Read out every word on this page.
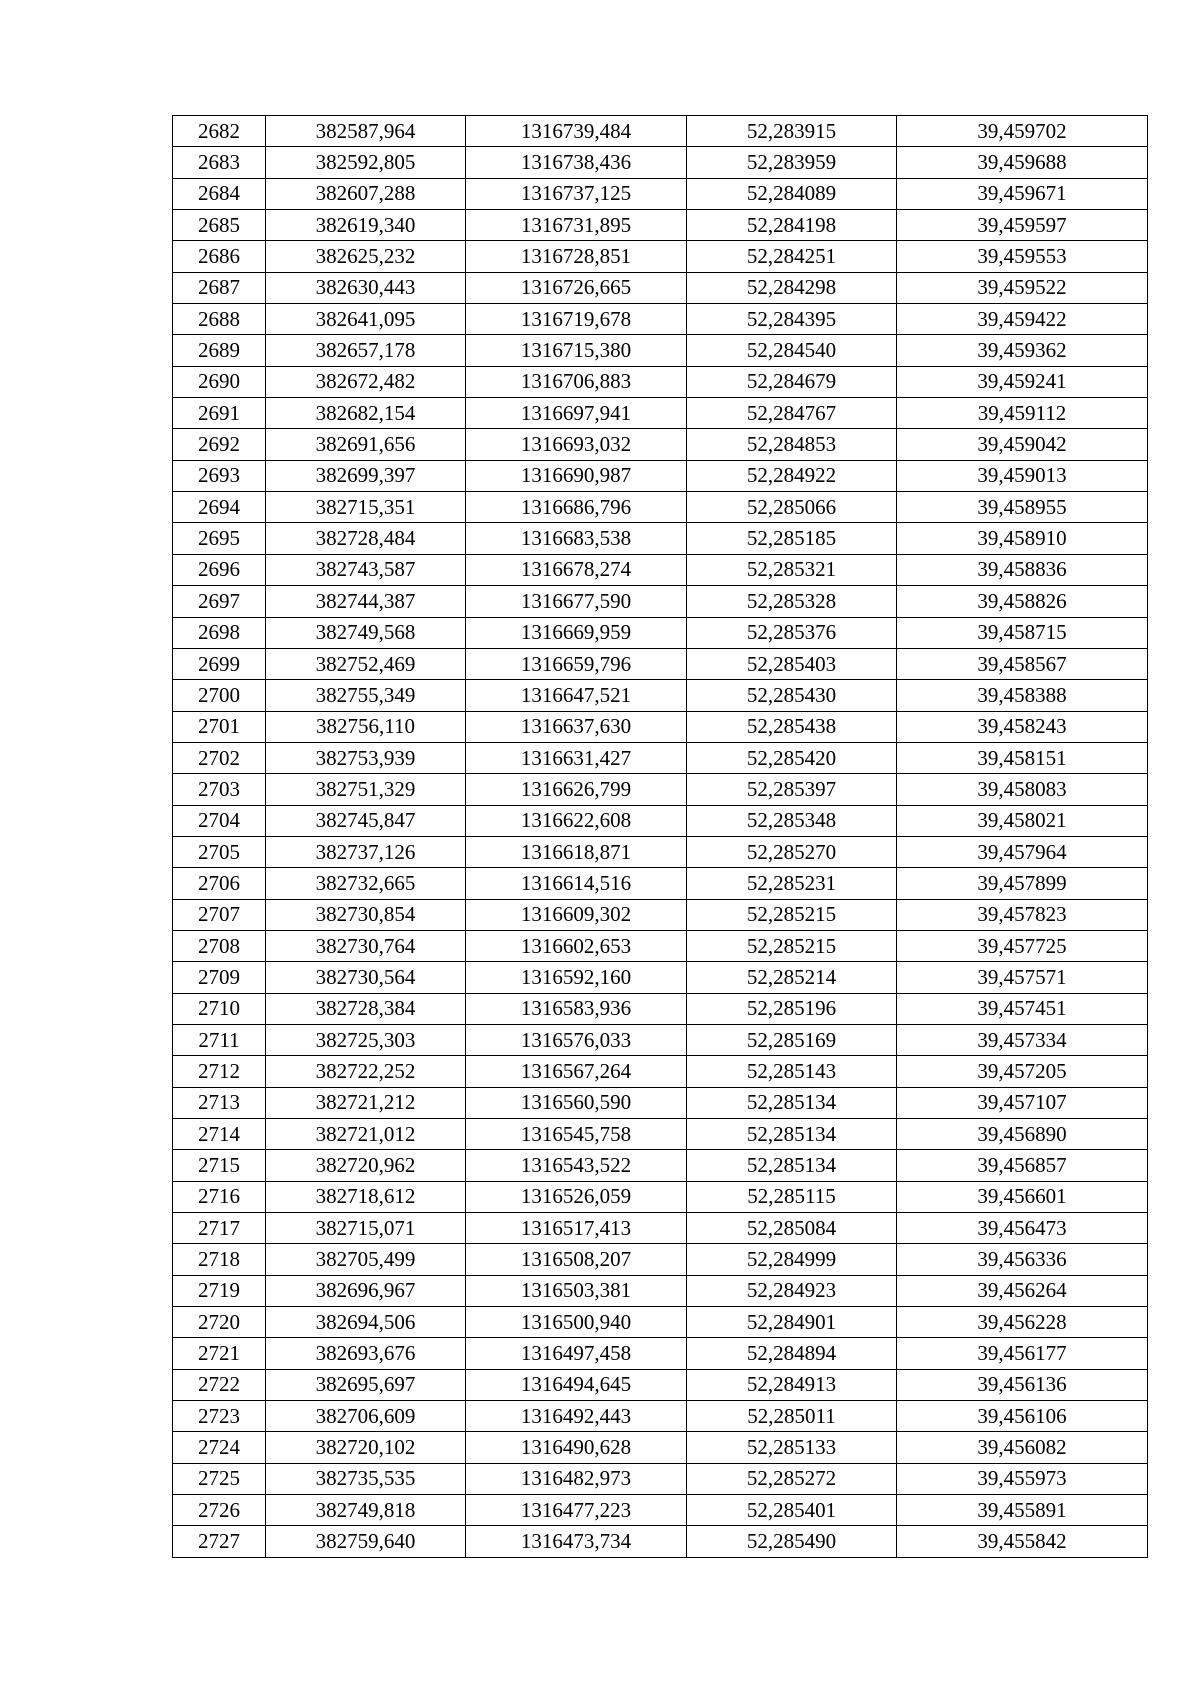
2682	382587,964	1316739,484	52,283915	39,459702
2683	382592,805	1316738,436	52,283959	39,459688
2684	382607,288	1316737,125	52,284089	39,459671
2685	382619,340	1316731,895	52,284198	39,459597
2686	382625,232	1316728,851	52,284251	39,459553
2687	382630,443	1316726,665	52,284298	39,459522
2688	382641,095	1316719,678	52,284395	39,459422
2689	382657,178	1316715,380	52,284540	39,459362
2690	382672,482	1316706,883	52,284679	39,459241
2691	382682,154	1316697,941	52,284767	39,459112
2692	382691,656	1316693,032	52,284853	39,459042
2693	382699,397	1316690,987	52,284922	39,459013
2694	382715,351	1316686,796	52,285066	39,458955
2695	382728,484	1316683,538	52,285185	39,458910
2696	382743,587	1316678,274	52,285321	39,458836
2697	382744,387	1316677,590	52,285328	39,458826
2698	382749,568	1316669,959	52,285376	39,458715
2699	382752,469	1316659,796	52,285403	39,458567
2700	382755,349	1316647,521	52,285430	39,458388
2701	382756,110	1316637,630	52,285438	39,458243
2702	382753,939	1316631,427	52,285420	39,458151
2703	382751,329	1316626,799	52,285397	39,458083
2704	382745,847	1316622,608	52,285348	39,458021
2705	382737,126	1316618,871	52,285270	39,457964
2706	382732,665	1316614,516	52,285231	39,457899
2707	382730,854	1316609,302	52,285215	39,457823
2708	382730,764	1316602,653	52,285215	39,457725
2709	382730,564	1316592,160	52,285214	39,457571
2710	382728,384	1316583,936	52,285196	39,457451
2711	382725,303	1316576,033	52,285169	39,457334
2712	382722,252	1316567,264	52,285143	39,457205
2713	382721,212	1316560,590	52,285134	39,457107
2714	382721,012	1316545,758	52,285134	39,456890
2715	382720,962	1316543,522	52,285134	39,456857
2716	382718,612	1316526,059	52,285115	39,456601
2717	382715,071	1316517,413	52,285084	39,456473
2718	382705,499	1316508,207	52,284999	39,456336
2719	382696,967	1316503,381	52,284923	39,456264
2720	382694,506	1316500,940	52,284901	39,456228
2721	382693,676	1316497,458	52,284894	39,456177
2722	382695,697	1316494,645	52,284913	39,456136
2723	382706,609	1316492,443	52,285011	39,456106
2724	382720,102	1316490,628	52,285133	39,456082
2725	382735,535	1316482,973	52,285272	39,455973
2726	382749,818	1316477,223	52,285401	39,455891
2727	382759,640	1316473,734	52,285490	39,455842
